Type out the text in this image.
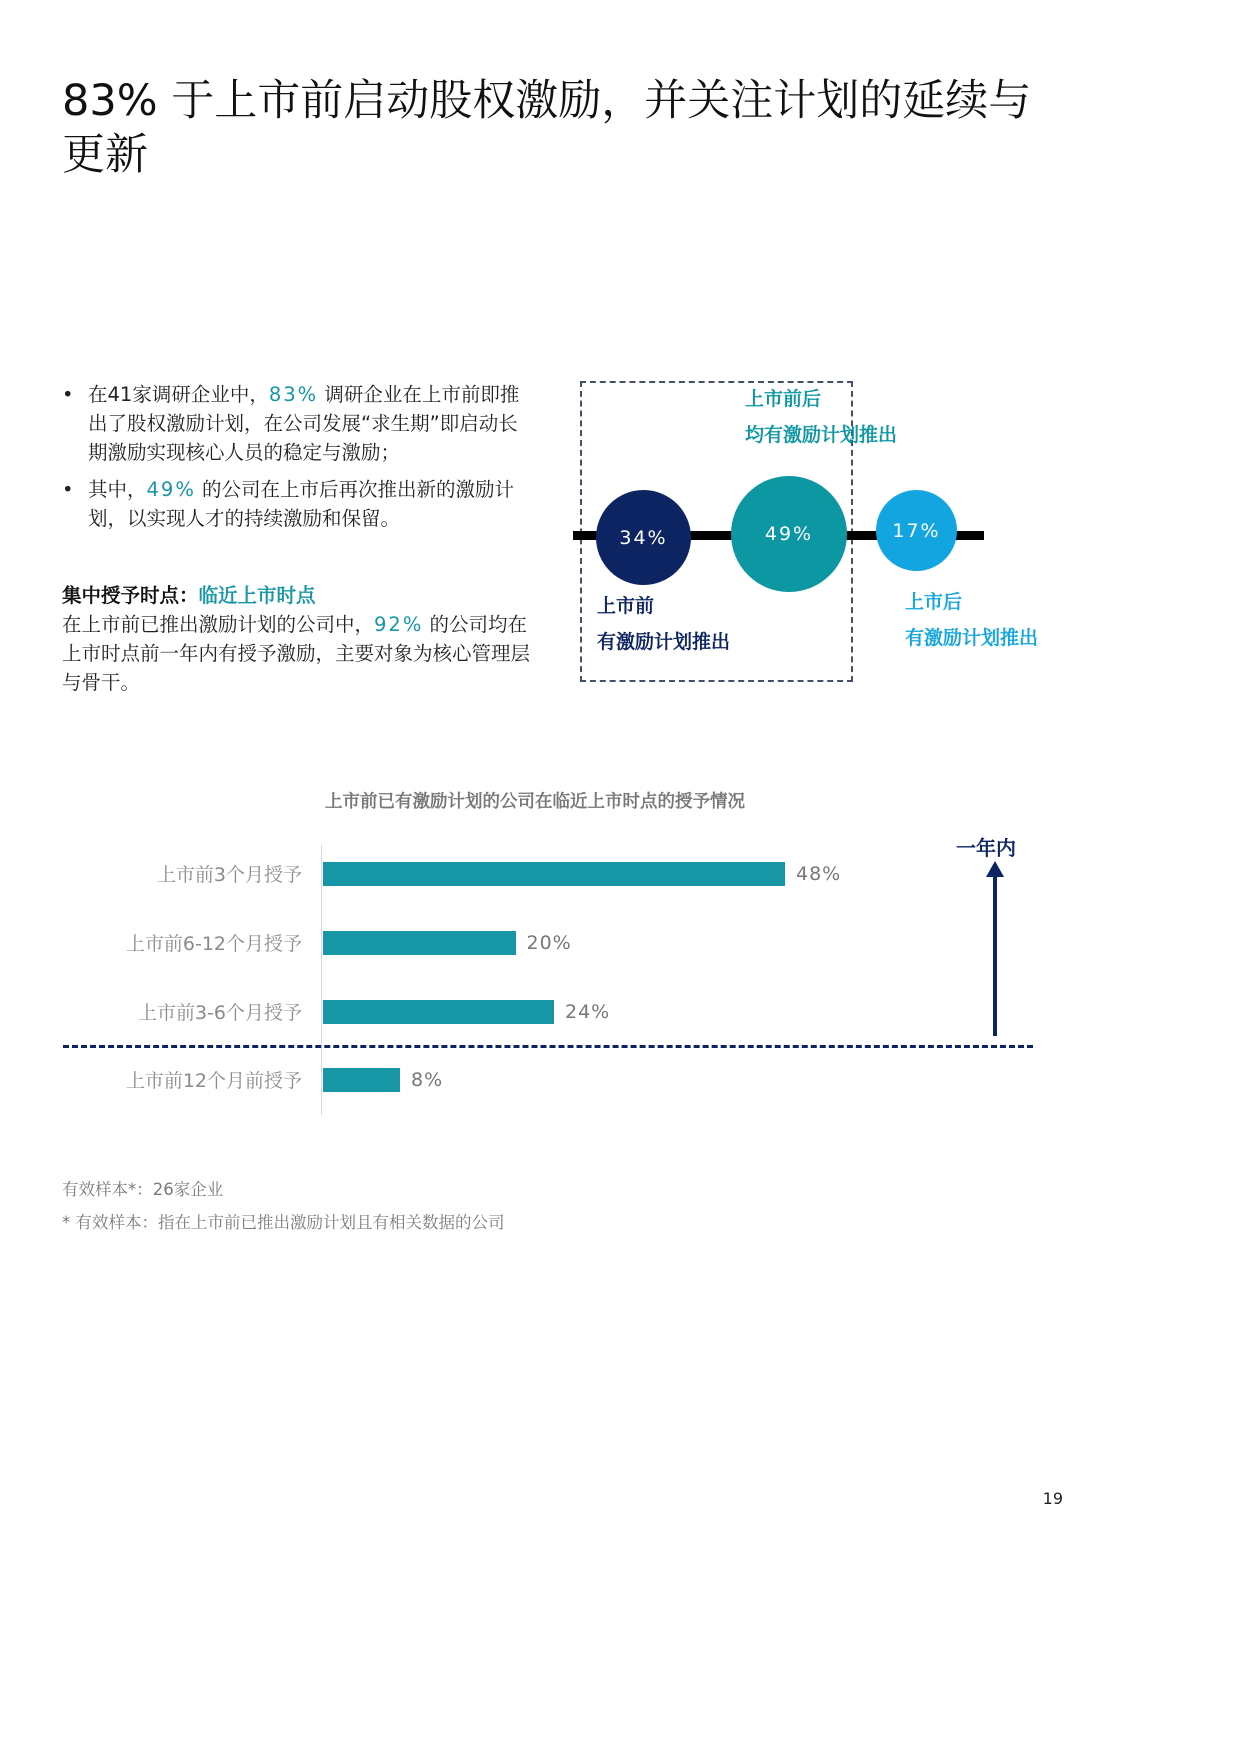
83% 于上市前启动股权激励，并关注计划的延续与更新
• 在41家调研企业中，83% 调研企业在上市前即推出了股权激励计划，在公司发展“求生期”即启动长期激励实现核心人员的稳定与激励；
• 其中，49% 的公司在上市后再次推出新的激励计划，以实现人才的持续激励和保留。
集中授予时点：临近上市时点
在上市前已推出激励计划的公司中，92% 的公司均在上市时点前一年内有授予激励，主要对象为核心管理层与骨干。
34%	49%	17%
上市前后
均有激励计划推出
上市前
有激励计划推出
上市后
有激励计划推出
上市前已有激励计划的公司在临近上市时点的授予情况
上市前3个月授予	48%
上市前6-12个月授予	20%
上市前3-6个月授予	24%
上市前12个月前授予	8%
一年内
有效样本*：26家企业
* 有效样本：指在上市前已推出激励计划且有相关数据的公司
19
